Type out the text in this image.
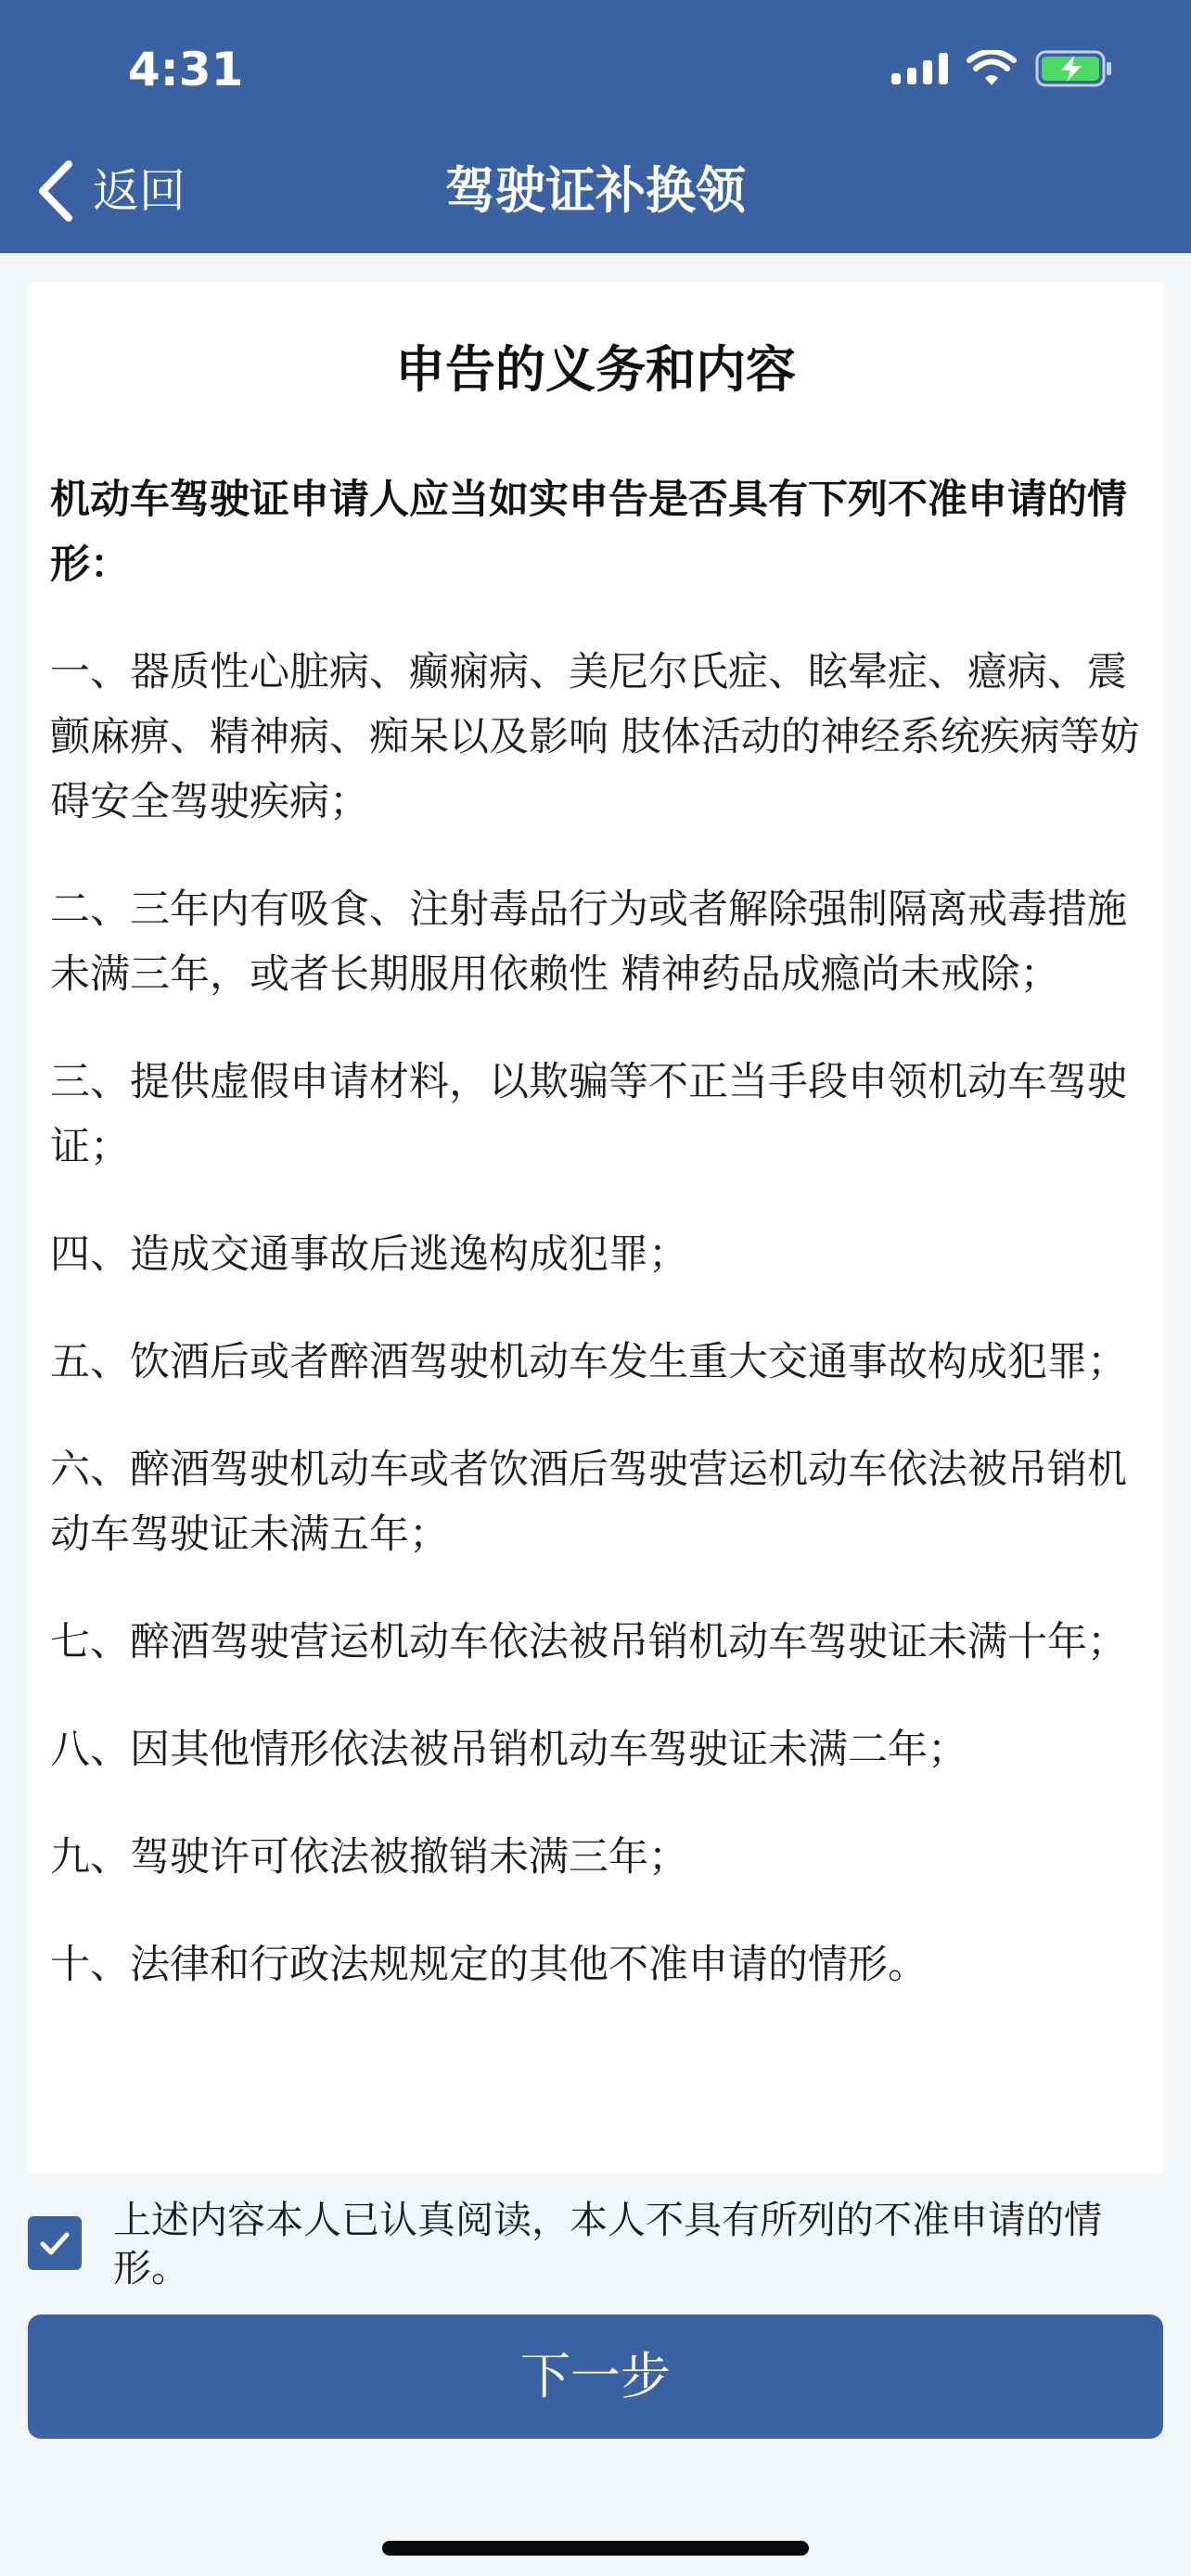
4:31
返回	驾驶证补换领
申告的义务和内容
机动车驾驶证申请人应当如实申告是否具有下列不准申请的情形：
一、器质性心脏病、癫痫病、美尼尔氏症、眩晕症、癔病、震颤麻痹、精神病、痴呆以及影响 肢体活动的神经系统疾病等妨碍安全驾驶疾病；
二、三年内有吸食、注射毒品行为或者解除强制隔离戒毒措施未满三年，或者长期服用依赖性 精神药品成瘾尚未戒除；
三、提供虚假申请材料，以欺骗等不正当手段申领机动车驾驶证；
四、造成交通事故后逃逸构成犯罪；
五、饮酒后或者醉酒驾驶机动车发生重大交通事故构成犯罪；
六、醉酒驾驶机动车或者饮酒后驾驶营运机动车依法被吊销机动车驾驶证未满五年；
七、醉酒驾驶营运机动车依法被吊销机动车驾驶证未满十年；
八、因其他情形依法被吊销机动车驾驶证未满二年；
九、驾驶许可依法被撤销未满三年；
十、法律和行政法规规定的其他不准申请的情形。
上述内容本人已认真阅读，本人不具有所列的不准申请的情形。
下一步
